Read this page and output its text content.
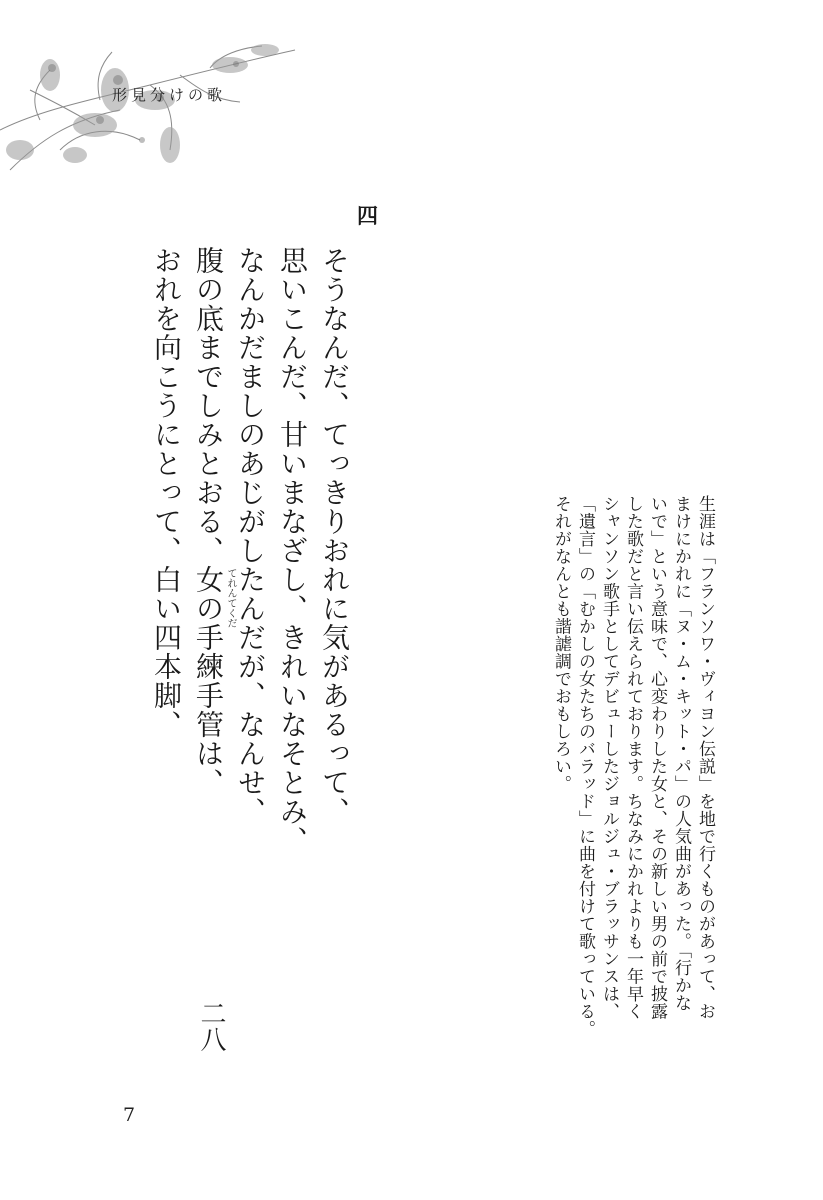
形見分けの歌
四
そうなんだ、てっきりおれに気があるって、
思いこんだ、甘いまなざし、きれいなそとみ、
なんかだましのあじがしたんだが、なんせ、
腹の底までしみとおる、女の手練手管は、
おれを向こうにとって、白い四本脚、	てれんてくだ
二八
生涯は「フランソワ・ヴィヨン伝説」を地で行くものがあって、お
まけにかれに「ヌ・ム・キット・パ」の人気曲があった。「行かな
いで」という意味で、心変わりした女と、その新しい男の前で披露
した歌だと言い伝えられております。ちなみにかれよりも一年早く
シャンソン歌手としてデビューしたジョルジュ・ブラッサンスは、
「遺言」の「むかしの女たちのバラッド」に曲を付けて歌っている。
それがなんとも諧謔調でおもしろい。
7
